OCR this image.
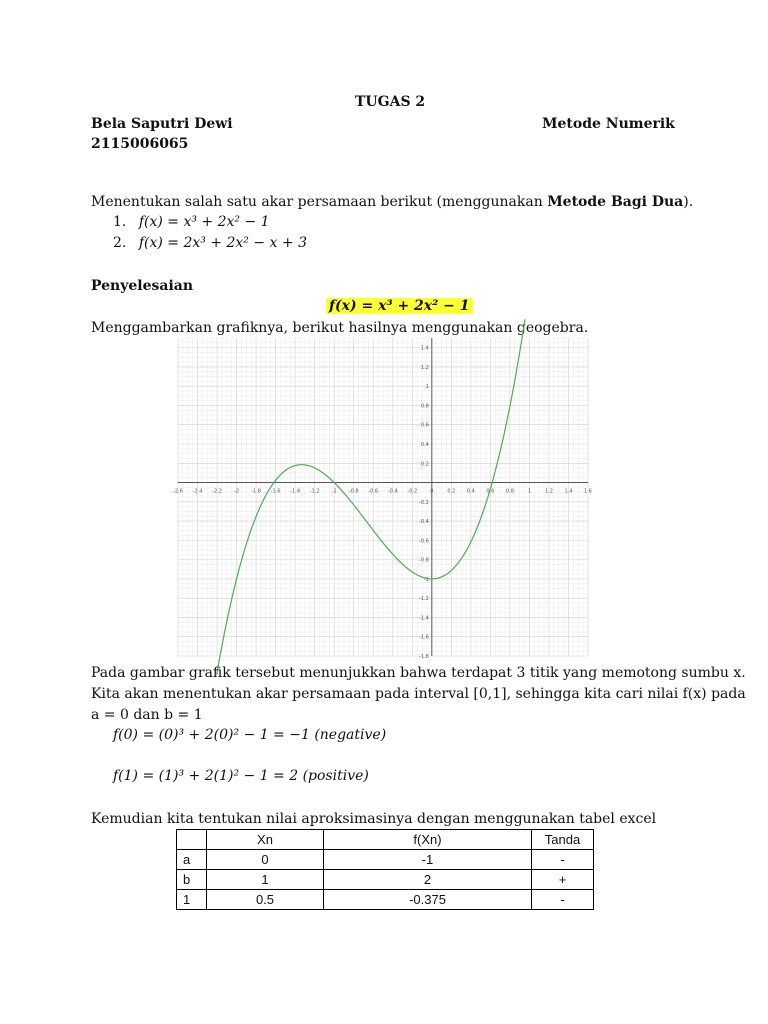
TUGAS 2
Bela Saputri Dewi	Metode Numerik
2115006065
Menentukan salah satu akar persamaan berikut (menggunakan Metode Bagi Dua).
1. f(x) = x³ + 2x² − 1
2. f(x) = 2x³ + 2x² − x + 3
Penyelesaian
f(x) = x³ + 2x² − 1
Menggambarkan grafiknya, berikut hasilnya menggunakan geogebra.
-2.6 -2.4 -2.2 -2 -1.8 -1.6 -1.4 -1.2 -1 -0.8 -0.6 -0.4 -0.2	0	0.2 0.4 0.6 0.8	1	1.2 1.4 1.6
1.4
1.2
1
0.8
0.6
0.4
0.2
-0.2
-0.4
-0.6
-0.8
-1
-1.2
-1.4
-1.6
-1.8
Pada gambar grafik tersebut menunjukkan bahwa terdapat 3 titik yang memotong sumbu x.
Kita akan menentukan akar persamaan pada interval [0,1], sehingga kita cari nilai f(x) pada
a = 0 dan b = 1
f(0) = (0)³ + 2(0)² − 1 = −1 (negative)
f(1) = (1)³ + 2(1)² − 1 = 2 (positive)
Kemudian kita tentukan nilai aproksimasinya dengan menggunakan tabel excel
	Xn	f(Xn)	Tanda
a	0	-1	-
b	1	2	+
1	0.5	-0.375	-
